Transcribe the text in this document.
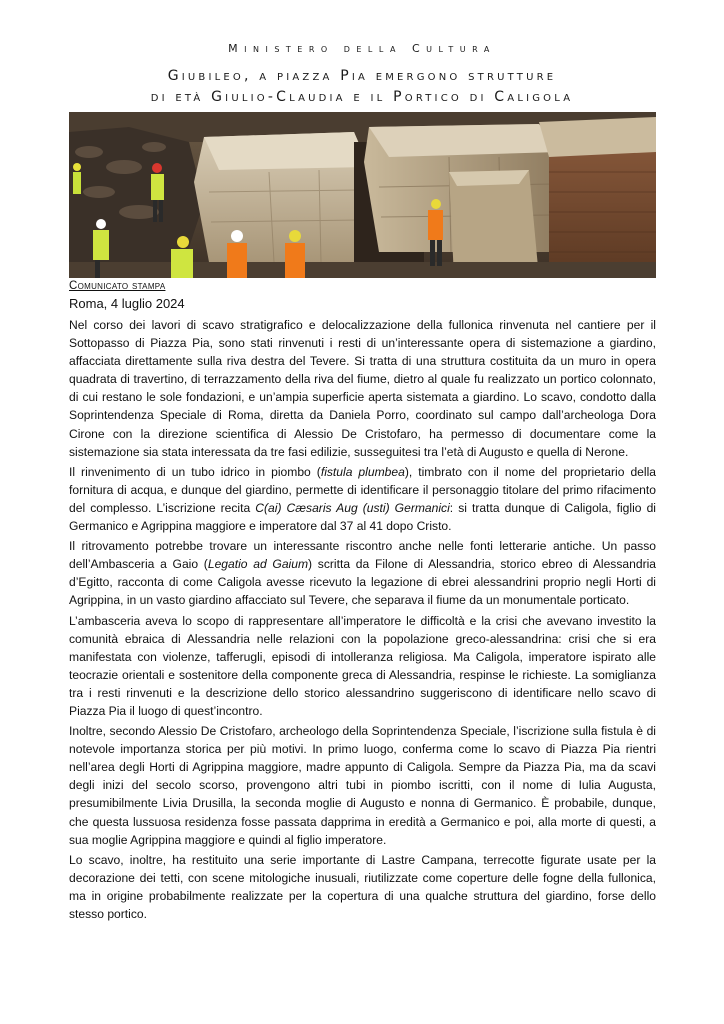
Ministero della Cultura
Giubileo, a piazza Pia emergono strutture
di età Giulio-Claudia e il Portico di Caligola
Comunicato stampa
Roma, 4 luglio 2024

Nel corso dei lavori di scavo stratigrafico e delocalizzazione della fullonica rinvenuta nel cantiere per il Sottopasso di Piazza Pia, sono stati rinvenuti i resti di un’interessante opera di sistemazione a giardino, affacciata direttamente sulla riva destra del Tevere. Si tratta di una struttura costituita da un muro in opera quadrata di travertino, di terrazzamento della riva del fiume, dietro al quale fu realizzato un portico colonnato, di cui restano le sole fondazioni, e un’ampia superficie aperta sistemata a giardino. Lo scavo, condotto dalla Soprintendenza Speciale di Roma, diretta da Daniela Porro, coordinato sul campo dall’archeologa Dora Cirone con la direzione scientifica di Alessio De Cristofaro, ha permesso di documentare come la sistemazione sia stata interessata da tre fasi edilizie, susseguitesi tra l’età di Augusto e quella di Nerone.

Il rinvenimento di un tubo idrico in piombo (fistula plumbea), timbrato con il nome del proprietario della fornitura di acqua, e dunque del giardino, permette di identificare il personaggio titolare del primo rifacimento del complesso. L’iscrizione recita C(ai) Cæsaris Aug (usti) Germanici: si tratta dunque di Caligola, figlio di Germanico e Agrippina maggiore e imperatore dal 37 al 41 dopo Cristo.

Il ritrovamento potrebbe trovare un interessante riscontro anche nelle fonti letterarie antiche. Un passo dell’Ambasceria a Gaio (Legatio ad Gaium) scritta da Filone di Alessandria, storico ebreo di Alessandria d’Egitto, racconta di come Caligola avesse ricevuto la legazione di ebrei alessandrini proprio negli Horti di Agrippina, in un vasto giardino affacciato sul Tevere, che separava il fiume da un monumentale porticato.

L’ambasceria aveva lo scopo di rappresentare all’imperatore le difficoltà e la crisi che avevano investito la comunità ebraica di Alessandria nelle relazioni con la popolazione greco-alessandrina: crisi che si era manifestata con violenze, tafferugli, episodi di intolleranza religiosa. Ma Caligola, imperatore ispirato alle teocrazie orientali e sostenitore della componente greca di Alessandria, respinse le richieste. La somiglianza tra i resti rinvenuti e la descrizione dello storico alessandrino suggeriscono di identificare nello scavo di Piazza Pia il luogo di quest’incontro.

Inoltre, secondo Alessio De Cristofaro, archeologo della Soprintendenza Speciale, l’iscrizione sulla fistula è di notevole importanza storica per più motivi. In primo luogo, conferma come lo scavo di Piazza Pia rientri nell’area degli Horti di Agrippina maggiore, madre appunto di Caligola. Sempre da Piazza Pia, ma da scavi degli inizi del secolo scorso, provengono altri tubi in piombo iscritti, con il nome di Iulia Augusta, presumibilmente Livia Drusilla, la seconda moglie di Augusto e nonna di Germanico. È probabile, dunque, che questa lussuosa residenza fosse passata dapprima in eredità a Germanico e poi, alla morte di questi, a sua moglie Agrippina maggiore e quindi al figlio imperatore.

Lo scavo, inoltre, ha restituito una serie importante di Lastre Campana, terrecotte figurate usate per la decorazione dei tetti, con scene mitologiche inusuali, riutilizzate come coperture delle fogne della fullonica, ma in origine probabilmente realizzate per la copertura di una qualche struttura del giardino, forse dello stesso portico.
